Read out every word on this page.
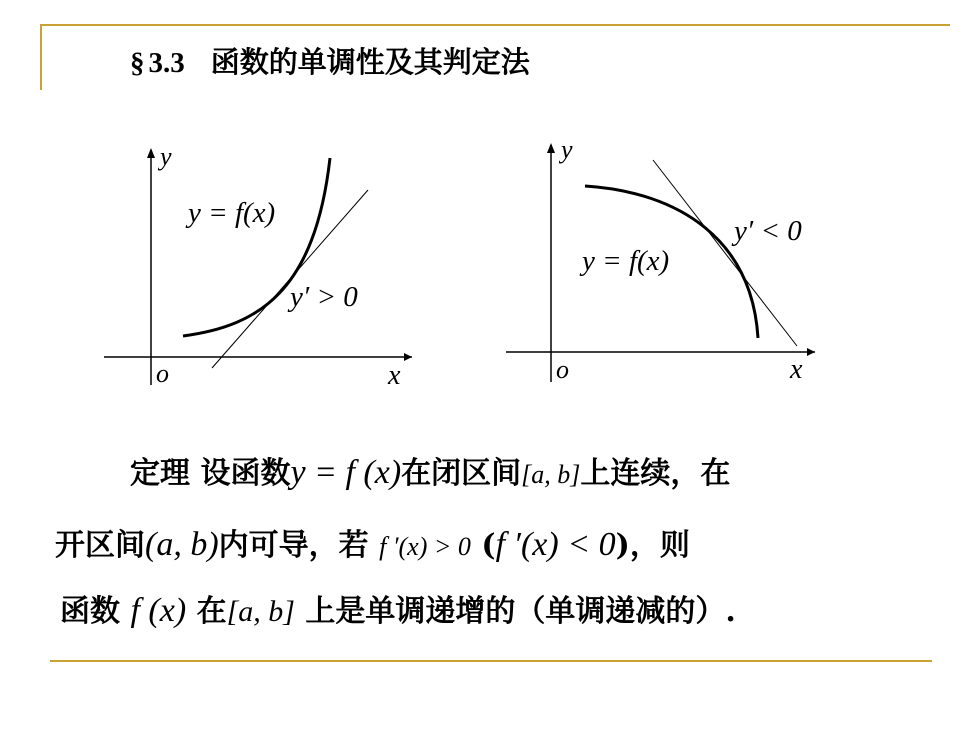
§ 3.3 函数的单调性及其判定法
y
x
o
y = f(x)
y′ > 0
y
x
o
y = f(x)
y′ < 0
定理 设函数y = f (x)在闭区间[a, b]上连续，在
开区间(a, b)内可导，若 f ′(x) > 0 (f ′(x) < 0)，则
函数 f (x) 在[a, b] 上是单调递增的（单调递减的）.
